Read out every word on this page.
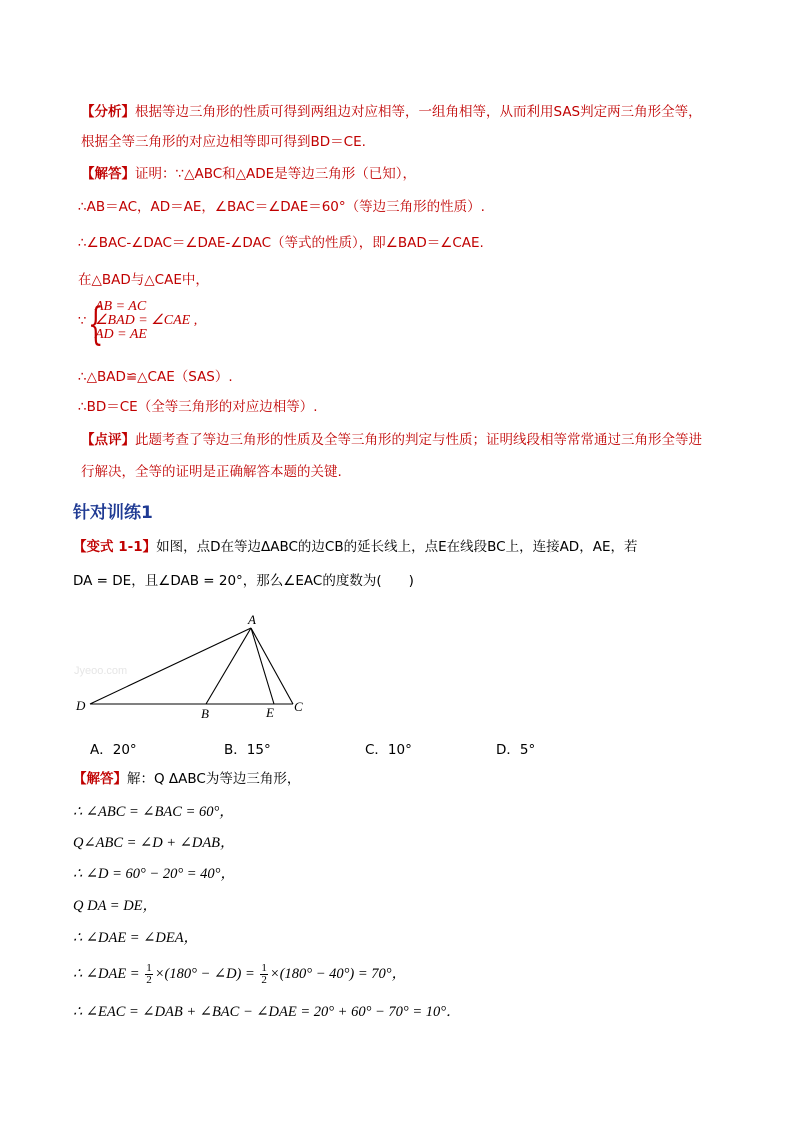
【分析】根据等边三角形的性质可得到两组边对应相等，一组角相等，从而利用SAS判定两三角形全等，
根据全等三角形的对应边相等即可得到BD＝CE.
【解答】证明：∵△ABC和△ADE是等边三角形（已知），
∴AB＝AC，AD＝AE，∠BAC＝∠DAE＝60°（等边三角形的性质）.
∴∠BAC-∠DAC＝∠DAE-∠DAC（等式的性质），即∠BAD＝∠CAE.
在△BAD与△CAE中，
∵ {
AB = AC
∠BAD = ∠CAE ,
AD = AE
∴△BAD≌△CAE（SAS）.
∴BD＝CE（全等三角形的对应边相等）.
【点评】此题考查了等边三角形的性质及全等三角形的判定与性质；证明线段相等常常通过三角形全等进
行解决，全等的证明是正确解答本题的关键.
针对训练1
【变式 1-1】如图，点D在等边ΔABC的边CB的延长线上，点E在线段BC上，连接AD，AE，若
DA = DE，且∠DAB = 20°，那么∠EAC的度数为(　　)
Jyeoo.com
A
D
B	E C
A．20°	B．15°	C．10°	D．5°
【解答】解：Q ΔABC为等边三角形，
∴ ∠ABC = ∠BAC = 60°，
Q∠ABC = ∠D + ∠DAB，
∴ ∠D = 60° − 20° = 40°，
Q DA = DE，
∴ ∠DAE = ∠DEA，
∴ ∠DAE = $\frac{1}{2} \times(180^\circ$ − ∠D) = $\frac{1}{2} \times(180^\circ - 40^\circ) = 70^\circ$，
∴ ∠EAC = ∠DAB + ∠BAC − ∠DAE = 20° + 60° − 70° = 10°．
